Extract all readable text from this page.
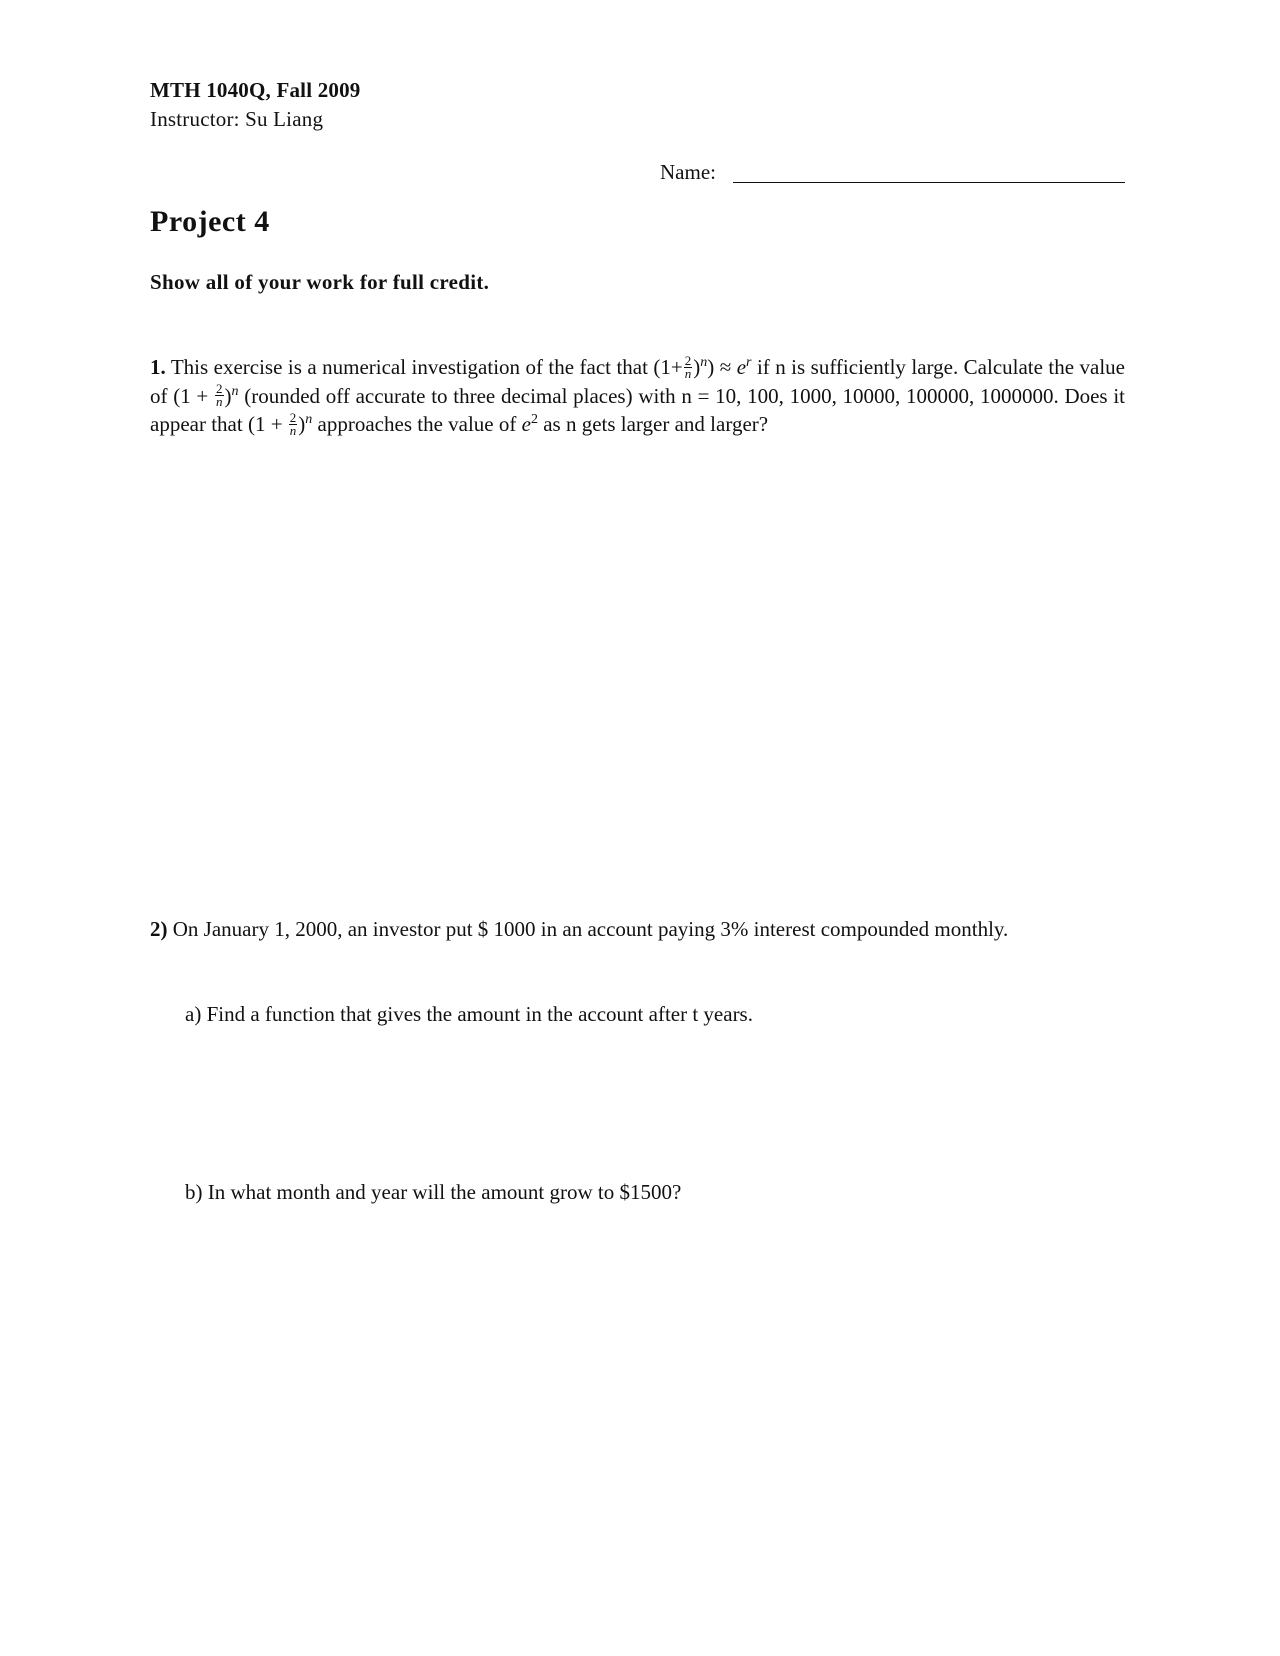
MTH 1040Q, Fall 2009
Instructor: Su Liang
Name:
Project 4
Show all of your work for full credit.
1. This exercise is a numerical investigation of the fact that $(1+ \frac{2}{n} )^n) \approx e^r$ if n is sufficiently large. Calculate the value of $(1 + \frac{2}{n} )^n$ (rounded off accurate to three decimal places) with n = 10, 100, 1000, 10000, 100000, 1000000. Does it appear that $(1 + \frac{2}{n} )^n$ approaches the value of $e^2$ as n gets larger and larger?
2) On January 1, 2000, an investor put $ 1000 in an account paying 3% interest compounded monthly.
a) Find a function that gives the amount in the account after t years.
b) In what month and year will the amount grow to $1500?
